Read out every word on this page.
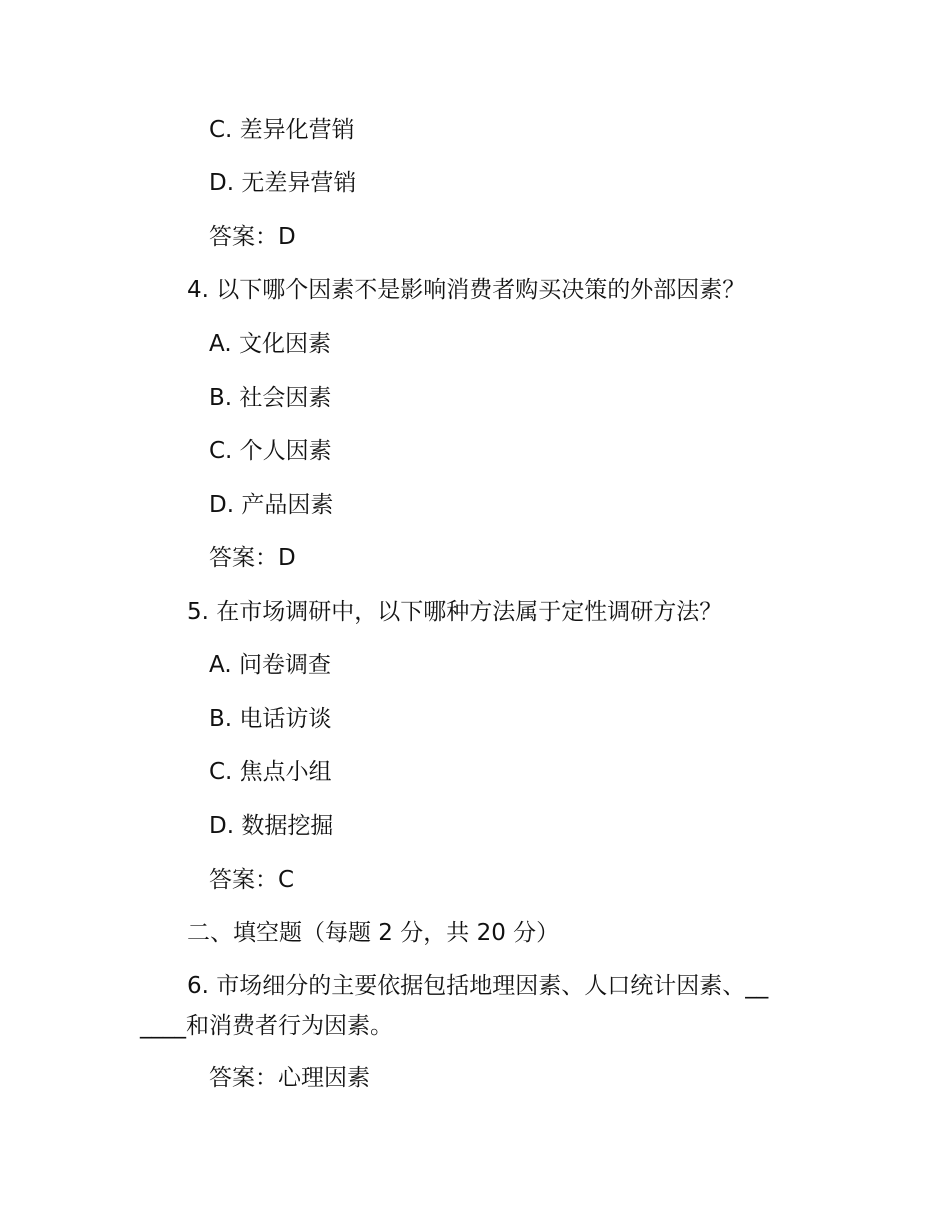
C. 差异化营销
D. 无差异营销
答案：D
4. 以下哪个因素不是影响消费者购买决策的外部因素？
A. 文化因素
B. 社会因素
C. 个人因素
D. 产品因素
答案：D
5. 在市场调研中，以下哪种方法属于定性调研方法？
A. 问卷调查
B. 电话访谈
C. 焦点小组
D. 数据挖掘
答案：C
二、填空题（每题 2 分，共 20 分）
6. 市场细分的主要依据包括地理因素、人口统计因素、__
____和消费者行为因素。
答案：心理因素
